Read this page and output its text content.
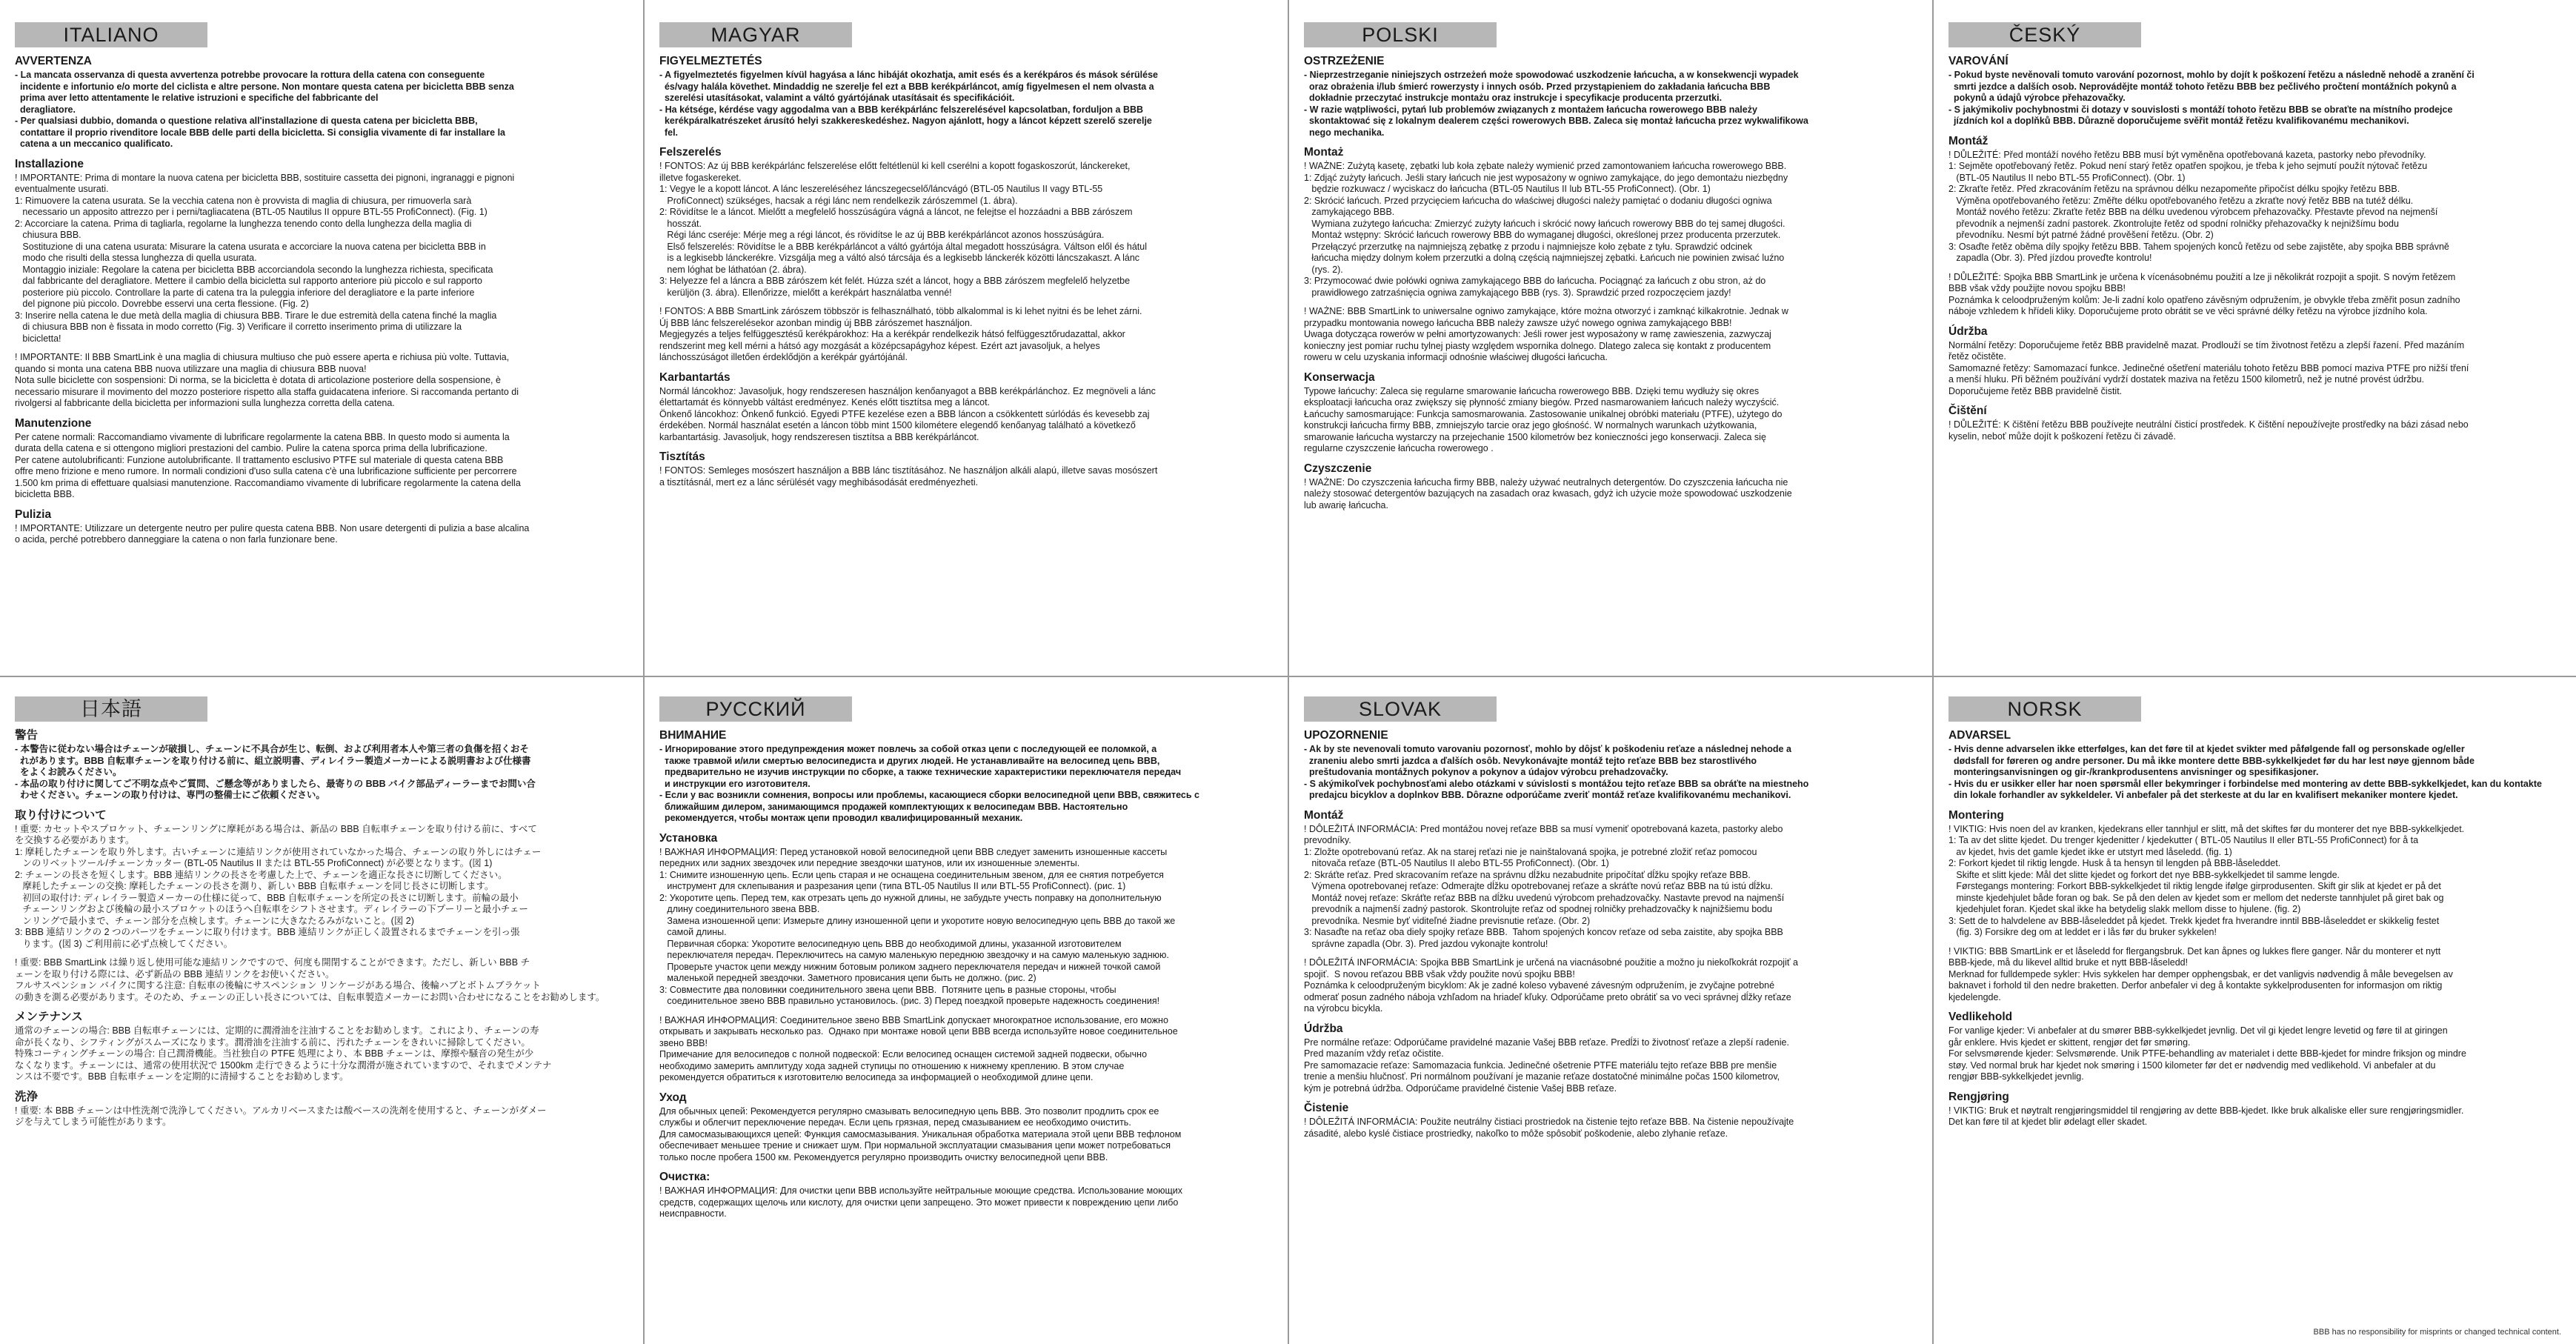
ITALIANO
AVVERTENZA
- La mancata osservanza di questa avvertenza potrebbe provocare la rottura della catena con conseguente
incidente e infortunio e/o morte del ciclista e altre persone. Non montare questa catena per bicicletta BBB senza
prima aver letto attentamente le relative istruzioni e specifiche del fabbricante del
deragliatore.
- Per qualsiasi dubbio, domanda o questione relativa all'installazione di questa catena per bicicletta BBB,
contattare il proprio rivenditore locale BBB delle parti della bicicletta. Si consiglia vivamente di far installare la
catena a un meccanico qualificato.
Installazione
! IMPORTANTE: Prima di montare la nuova catena per bicicletta BBB, sostituire cassetta dei pignoni, ingranaggi e pignoni
eventualmente usurati.
1: Rimuovere la catena usurata. Se la vecchia catena non è provvista di maglia di chiusura, per rimuoverla sarà
necessario un apposito attrezzo per i perni/tagliacatena (BTL-05 Nautilus II oppure BTL-55 ProfiConnect). (Fig. 1)
2: Accorciare la catena. Prima di tagliarla, regolarne la lunghezza tenendo conto della lunghezza della maglia di
chiusura BBB.
Sostituzione di una catena usurata: Misurare la catena usurata e accorciare la nuova catena per bicicletta BBB in
modo che risulti della stessa lunghezza di quella usurata.
Montaggio iniziale: Regolare la catena per bicicletta BBB accorciandola secondo la lunghezza richiesta, specificata
dal fabbricante del deragliatore. Mettere il cambio della bicicletta sul rapporto anteriore più piccolo e sul rapporto
posteriore più piccolo. Controllare la parte di catena tra la puleggia inferiore del deragliatore e la parte inferiore
del pignone più piccolo. Dovrebbe esservi una certa flessione. (Fig. 2)
3: Inserire nella catena le due metà della maglia di chiusura BBB. Tirare le due estremità della catena finché la maglia
di chiusura BBB non è fissata in modo corretto (Fig. 3) Verificare il corretto inserimento prima di utilizzare la
bicicletta!
! IMPORTANTE: Il BBB SmartLink è una maglia di chiusura multiuso che può essere aperta e richiusa più volte. Tuttavia,
quando si monta una catena BBB nuova utilizzare una maglia di chiusura BBB nuova!
Nota sulle biciclette con sospensioni: Di norma, se la bicicletta è dotata di articolazione posteriore della sospensione, è
necessario misurare il movimento del mozzo posteriore rispetto alla staffa guidacatena inferiore. Si raccomanda pertanto di
rivolgersi al fabbricante della bicicletta per informazioni sulla lunghezza corretta della catena.
Manutenzione
Per catene normali: Raccomandiamo vivamente di lubrificare regolarmente la catena BBB. In questo modo si aumenta la
durata della catena e si ottengono migliori prestazioni del cambio. Pulire la catena sporca prima della lubrificazione.
Per catene autolubrificanti: Funzione autolubrificante. Il trattamento esclusivo PTFE sul materiale di questa catena BBB
offre meno frizione e meno rumore. In normali condizioni d'uso sulla catena c'è una lubrificazione sufficiente per percorrere
1.500 km prima di effettuare qualsiasi manutenzione. Raccomandiamo vivamente di lubrificare regolarmente la catena della
bicicletta BBB.
Pulizia
! IMPORTANTE: Utilizzare un detergente neutro per pulire questa catena BBB. Non usare detergenti di pulizia a base alcalina
o acida, perché potrebbero danneggiare la catena o non farla funzionare bene.
MAGYAR
FIGYELMEZTETÉS
- A figyelmeztetés figyelmen kívül hagyása a lánc hibáját okozhatja, amit esés és a kerékpáros és mások sérülése
és/vagy halála követhet. Mindaddig ne szerelje fel ezt a BBB kerékpárláncot, amíg figyelmesen el nem olvasta a
szerelési utasításokat, valamint a váltó gyártójának utasításait és specifikációit.
- Ha kétsége, kérdése vagy aggodalma van a BBB kerékpárlánc felszerelésével kapcsolatban, forduljon a BBB
kerékpáralkatrészeket árusító helyi szakkereskedéshez. Nagyon ajánlott, hogy a láncot képzett szerelő szerelje
fel.
Felszerelés
! FONTOS: Az új BBB kerékpárlánc felszerelése előtt feltétlenül ki kell cserélni a kopott fogaskoszorút, lánckereket,
illetve fogaskereket.
1: Vegye le a kopott láncot. A lánc leszereléséhez láncszegecselő/láncvágó (BTL-05 Nautilus II vagy BTL-55
ProfiConnect) szükséges, hacsak a régi lánc nem rendelkezik zárószemmel (1. ábra).
2: Rövidítse le a láncot. Mielőtt a megfelelő hosszúságúra vágná a láncot, ne felejtse el hozzáadni a BBB zárószem
hosszát.
Régi lánc cseréje: Mérje meg a régi láncot, és rövidítse le az új BBB kerékpárláncot azonos hosszúságúra.
Első felszerelés: Rövidítse le a BBB kerékpárláncot a váltó gyártója által megadott hosszúságra. Váltson elől és hátul
is a legkisebb lánckerékre. Vizsgálja meg a váltó alsó tárcsája és a legkisebb lánckerék közötti láncszakaszt. A lánc
nem lóghat be láthatóan (2. ábra).
3: Helyezze fel a láncra a BBB zárószem két felét. Húzza szét a láncot, hogy a BBB zárószem megfelelő helyzetbe
kerüljön (3. ábra). Ellenőrizze, mielőtt a kerékpárt használatba venné!
! FONTOS: A BBB SmartLink zárószem többször is felhasználható, több alkalommal is ki lehet nyitni és be lehet zárni.
Új BBB lánc felszerelésekor azonban mindig új BBB zárószemet használjon.
Megjegyzés a teljes felfüggesztésű kerékpárokhoz: Ha a kerékpár rendelkezik hátsó felfüggesztőrudazattal, akkor
rendszerint meg kell mérni a hátsó agy mozgását a középcsapágyhoz képest. Ezért azt javasoljuk, a helyes
lánchosszúságot illetően érdeklődjön a kerékpár gyártójánál.
Karbantartás
Normál láncokhoz: Javasoljuk, hogy rendszeresen használjon kenőanyagot a BBB kerékpárlánchoz. Ez megnöveli a lánc
élettartamát és könnyebb váltást eredményez. Kenés előtt tisztítsa meg a láncot.
Önkenő láncokhoz: Önkenő funkció. Egyedi PTFE kezelése ezen a BBB láncon a csökkentett súrlódás és kevesebb zaj
érdekében. Normál használat esetén a láncon több mint 1500 kilométere elegendő kenőanyag található a következő
karbantartásig. Javasoljuk, hogy rendszeresen tisztítsa a BBB kerékpárláncot.
Tisztítás
! FONTOS: Semleges mosószert használjon a BBB lánc tisztításához. Ne használjon alkáli alapú, illetve savas mosószert
a tisztításnál, mert ez a lánc sérülését vagy meghibásodását eredményezheti.
POLSKI
OSTRZEŻENIE
- Nieprzestrzeganie niniejszych ostrzeżeń może spowodować uszkodzenie łańcucha, a w konsekwencji wypadek
oraz obrażenia i/lub śmierć rowerzysty i innych osób. Przed przystąpieniem do zakładania łańcucha BBB
dokładnie przeczytać instrukcje montażu oraz instrukcje i specyfikacje producenta przerzutki.
- W razie wątpliwości, pytań lub problemów związanych z montażem łańcucha rowerowego BBB należy
skontaktować się z lokalnym dealerem części rowerowych BBB. Zaleca się montaż łańcucha przez wykwalifikowa
nego mechanika.
Montaż
! WAŻNE: Zużytą kasetę, zębatki lub koła zębate należy wymienić przed zamontowaniem łańcucha rowerowego BBB.
1: Zdjąć zużyty łańcuch. Jeśli stary łańcuch nie jest wyposażony w ogniwo zamykające, do jego demontażu niezbędny
będzie rozkuwacz / wyciskacz do łańcucha (BTL-05 Nautilus II lub BTL-55 ProfiConnect). (Obr. 1)
2: Skrócić łańcuch. Przed przycięciem łańcucha do właściwej długości należy pamiętać o dodaniu długości ogniwa
zamykającego BBB.
Wymiana zużytego łańcucha: Zmierzyć zużyty łańcuch i skrócić nowy łańcuch rowerowy BBB do tej samej długości.
Montaż wstępny: Skrócić łańcuch rowerowy BBB do wymaganej długości, określonej przez producenta przerzutek.
Przełączyć przerzutkę na najmniejszą zębatkę z przodu i najmniejsze koło zębate z tyłu. Sprawdzić odcinek
łańcucha między dolnym kołem przerzutki a dolną częścią najmniejszej zębatki. Łańcuch nie powinien zwisać luźno
(rys. 2).
3: Przymocować dwie połówki ogniwa zamykającego BBB do łańcucha. Pociągnąć za łańcuch z obu stron, aż do
prawidłowego zatrzaśnięcia ogniwa zamykającego BBB (rys. 3). Sprawdzić przed rozpoczęciem jazdy!
! WAŻNE: BBB SmartLink to uniwersalne ogniwo zamykające, które można otworzyć i zamknąć kilkakrotnie. Jednak w
przypadku montowania nowego łańcucha BBB należy zawsze użyć nowego ogniwa zamykającego BBB!
Uwaga dotycząca rowerów w pełni amortyzowanych: Jeśli rower jest wyposażony w ramę zawieszenia, zazwyczaj
konieczny jest pomiar ruchu tylnej piasty względem wspornika dolnego. Dlatego zaleca się kontakt z producentem
roweru w celu uzyskania informacji odnośnie właściwej długości łańcucha.
Konserwacja
Typowe łańcuchy: Zaleca się regularne smarowanie łańcucha rowerowego BBB. Dzięki temu wydłuży się okres
eksploatacji łańcucha oraz zwiększy się płynność zmiany biegów. Przed nasmarowaniem łańcuch należy wyczyścić.
Łańcuchy samosmarujące: Funkcja samosmarowania. Zastosowanie unikalnej obróbki materiału (PTFE), użytego do
konstrukcji łańcucha firmy BBB, zmniejszyło tarcie oraz jego głośność. W normalnych warunkach użytkowania,
smarowanie łańcucha wystarczy na przejechanie 1500 kilometrów bez konieczności jego konserwacji. Zaleca się
regularne czyszczenie łańcucha rowerowego .
Czyszczenie
! WAŻNE: Do czyszczenia łańcucha firmy BBB, należy używać neutralnych detergentów. Do czyszczenia łańcucha nie
należy stosować detergentów bazujących na zasadach oraz kwasach, gdyż ich użycie może spowodować uszkodzenie
lub awarię łańcucha.
ČESKÝ
VAROVÁNÍ
- Pokud byste nevěnovali tomuto varování pozornost, mohlo by dojít k poškození řetězu a následně nehodě a zranění či
smrti jezdce a dalších osob. Neprovádějte montáž tohoto řetězu BBB bez pečlivého pročtení montážních pokynů a
pokynů a údajů výrobce přehazovačky.
- S jakýmikoliv pochybnostmi či dotazy v souvislosti s montáží tohoto řetězu BBB se obraťte na místního prodejce
jízdních kol a doplňků BBB. Důrazně doporučujeme svěřit montáž řetězu kvalifikovanému mechanikovi.
Montáž
! DŮLEŽITÉ: Před montáží nového řetězu BBB musí být vyměněna opotřebovaná kazeta, pastorky nebo převodníky.
1: Sejměte opotřebovaný řetěz. Pokud není starý řetěz opatřen spojkou, je třeba k jeho sejmutí použít nýtovač řetězu
(BTL-05 Nautilus II nebo BTL-55 ProfiConnect). (Obr. 1)
2: Zkraťte řetěz. Před zkracováním řetězu na správnou délku nezapomeňte připočíst délku spojky řetězu BBB.
Výměna opotřebovaného řetězu: Změřte délku opotřebovaného řetězu a zkraťte nový řetěz BBB na tutéž délku.
Montáž nového řetězu: Zkraťte řetěz BBB na délku uvedenou výrobcem přehazovačky. Přestavte převod na nejmenší
převodník a nejmenší zadní pastorek. Zkontrolujte řetěz od spodní rolničky přehazovačky k nejnižšímu bodu
převodníku. Nesmí být patrné žádné prověšení řetězu. (Obr. 2)
3: Osaďte řetěz oběma díly spojky řetězu BBB. Tahem spojených konců řetězu od sebe zajistěte, aby spojka BBB správně
zapadla (Obr. 3). Před jízdou proveďte kontrolu!
! DŮLEŽITÉ: Spojka BBB SmartLink je určena k vícenásobnému použití a lze ji několikrát rozpojit a spojit. S novým řetězem
BBB však vždy použijte novou spojku BBB!
Poznámka k celoodpruženým kolům: Je-li zadní kolo opatřeno závěsným odpružením, je obvykle třeba změřit posun zadního
náboje vzhledem k hřídeli kliky. Doporučujeme proto obrátit se ve věci správné délky řetězu na výrobce jízdního kola.
Údržba
Normální řetězy: Doporučujeme řetěz BBB pravidelně mazat. Prodlouží se tím životnost řetězu a zlepší řazení. Před mazáním
řetěz očistěte.
Samomazné řetězy: Samomazací funkce. Jedinečné ošetření materiálu tohoto řetězu BBB pomocí maziva PTFE pro nižší tření
a menší hluku. Při běžném používání vydrží dostatek maziva na řetězu 1500 kilometrů, než je nutné provést údržbu.
Doporučujeme řetěz BBB pravidelně čistit.
Čištění
! DŮLEŽITÉ: K čištění řetězu BBB používejte neutrální čisticí prostředek. K čištění nepoužívejte prostředky na bázi zásad nebo
kyselin, neboť může dojít k poškození řetězu či závadě.
日本語
警告
- 本警告に従わない場合はチェーンが破損し、チェーンに不具合が生じ、転倒、および利用者本人や第三者の負傷を招くおそ
れがあります。BBB 自転車チェーンを取り付ける前に、組立説明書、ディレイラー製造メーカーによる説明書および仕様書
をよくお読みください。
- 本品の取り付けに関してご不明な点やご質問、ご懸念等がありましたら、最寄りの BBB バイク部品ディーラーまでお問い合
わせください。チェーンの取り付けは、専門の整備士にご依頼ください。
取り付けについて
! 重要: カセットやスプロケット、チェーンリングに摩耗がある場合は、新品の BBB 自転車チェーンを取り付ける前に、すべて
を交換する必要があります。
1: 摩耗したチェーンを取り外します。古いチェーンに連結リンクが使用されていなかった場合、チェーンの取り外しにはチェー
ンのリベットツール/チェーンカッター (BTL-05 Nautilus II または BTL-55 ProfiConnect) が必要となります。(図 1)
2: チェーンの長さを短くします。BBB 連結リンクの長さを考慮した上で、チェーンを適正な長さに切断してください。
摩耗したチェーンの交換: 摩耗したチェーンの長さを測り、新しい BBB 自転車チェーンを同じ長さに切断します。
初回の取付け: ディレイラー製造メーカーの仕様に従って、BBB 自転車チェーンを所定の長さに切断します。前輪の最小
チェーンリングおよび後輪の最小スプロケットのほうへ自転車をシフトさせます。ディレイラーの下プーリーと最小チェー
ンリングで最小まで、チェーン部分を点検します。チェーンに大きなたるみがないこと。(図 2)
3: BBB 連結リンクの 2 つのパーツをチェーンに取り付けます。BBB 連結リンクが正しく設置されるまでチェーンを引っ張
ります。(図 3) ご利用前に必ず点検してください。
! 重要: BBB SmartLink は繰り返し使用可能な連結リンクですので、何度も開閉することができます。ただし、新しい BBB チ
ェーンを取り付ける際には、必ず新品の BBB 連結リンクをお使いください。
フルサスペンション バイクに関する注意: 自転車の後輪にサスペンション リンケージがある場合、後輪ハブとボトムブラケット
の動きを測る必要があります。そのため、チェーンの正しい長さについては、自転車製造メーカーにお問い合わせになることをお勧めします。
メンテナンス
通常のチェーンの場合: BBB 自転車チェーンには、定期的に潤滑油を注油することをお勧めします。これにより、チェーンの寿
命が長くなり、シフティングがスムーズになります。潤滑油を注油する前に、汚れたチェーンをきれいに掃除してください。
特殊コーティングチェーンの場合: 自己潤滑機能。当社独自の PTFE 処理により、本 BBB チェーンは、摩擦や騒音の発生が少
なくなります。チェーンには、通常の使用状況で 1500km 走行できるように十分な潤滑が施されていますので、それまでメンテナ
ンスは不要です。BBB 自転車チェーンを定期的に清掃することをお勧めします。
洗浄
! 重要: 本 BBB チェーンは中性洗剤で洗浄してください。アルカリベースまたは酸ベースの洗剤を使用すると、チェーンがダメー
ジを与えてしまう可能性があります。
РУССКИЙ
ВНИМАНИЕ
- Игнорирование этого предупреждения может повлечь за собой отказ цепи с последующей ее поломкой, а
также травмой и/или смертью велосипедиста и других людей. Не устанавливайте на велосипед цепь BBB,
предварительно не изучив инструкции по сборке, а также технические характеристики переключателя передач
и инструкции его изготовителя.
- Если у вас возникли сомнения, вопросы или проблемы, касающиеся сборки велосипедной цепи BBB, свяжитесь с
ближайшим дилером, занимающимся продажей комплектующих к велосипедам BBB. Настоятельно
рекомендуется, чтобы монтаж цепи проводил квалифицированный механик.
Установка
! ВАЖНАЯ ИНФОРМАЦИЯ: Перед установкой новой велосипедной цепи BBB следует заменить изношенные кассеты
передних или задних звездочек или передние звездочки шатунов, или их изношенные элементы.
1: Снимите изношенную цепь. Если цепь старая и не оснащена соединительным звеном, для ее снятия потребуется
инструмент для склепывания и разрезания цепи (типа BTL-05 Nautilus II или BTL-55 ProfiConnect). (рис. 1)
2: Укоротите цепь. Перед тем, как отрезать цепь до нужной длины, не забудьте учесть поправку на дополнительную
длину соединительного звена BBB.
Замена изношенной цепи: Измерьте длину изношенной цепи и укоротите новую велосипедную цепь BBB до такой же
самой длины.
Первичная сборка: Укоротите велосипедную цепь BBB до необходимой длины, указанной изготовителем
переключателя передач. Переключитесь на самую маленькую переднюю звездочку и на самую маленькую заднюю.
Проверьте участок цепи между нижним ботовым роликом заднего переключателя передач и нижней точкой самой
маленькой передней звездочки. Заметного провисания цепи быть не должно. (рис. 2)
3: Совместите два половинки соединительного звена цепи BBB.  Потяните цепь в разные стороны, чтобы
соединительное звено BBB правильно установилось. (рис. 3) Перед поездкой проверьте надежность соединения!
! ВАЖНАЯ ИНФОРМАЦИЯ: Соединительное звено BBB SmartLink допускает многократное использование, его можно
открывать и закрывать несколько раз.  Однако при монтаже новой цепи BBB всегда используйте новое соединительное
звено BBB!
Примечание для велосипедов с полной подвеской: Если велосипед оснащен системой задней подвески, обычно
необходимо замерить амплитуду хода задней ступицы по отношению к нижнему креплению. В этом случае
рекомендуется обратиться к изготовителю велосипеда за информацией о необходимой длине цепи.
Уход
Для обычных цепей: Рекомендуется регулярно смазывать велосипедную цепь BBB. Это позволит продлить срок ее
службы и облегчит переключение передач. Если цепь грязная, перед смазыванием ее необходимо очистить.
Для самосмазывающихся цепей: Функция самосмазывания. Уникальная обработка материала этой цепи BBB тефлоном
обеспечивает меньшее трение и снижает шум. При нормальной эксплуатации смазывания цепи может потребоваться
только после пробега 1500 км. Рекомендуется регулярно производить очистку велосипедной цепи BBB.
Очистка:
! ВАЖНАЯ ИНФОРМАЦИЯ: Для очистки цепи BBB используйте нейтральные моющие средства. Использование моющих
средств, содержащих щелочь или кислоту, для очистки цепи запрещено. Это может привести к повреждению цепи либо
неисправности.
SLOVAK
UPOZORNENIE
- Ak by ste nevenovali tomuto varovaniu pozornosť, mohlo by dôjsť k poškodeniu reťaze a následnej nehode a
zraneniu alebo smrti jazdca a ďalších osôb. Nevykonávajte montáž tejto reťaze BBB bez starostlivého
preštudovania montážnych pokynov a pokynov a údajov výrobcu prehadzovačky.
- S akýmikoľvek pochybnosťami alebo otázkami v súvislosti s montážou tejto reťaze BBB sa obráťte na miestneho
predajcu bicyklov a doplnkov BBB. Dôrazne odporúčame zveriť montáž reťaze kvalifikovanému mechanikovi.
Montáž
! DÔLEŽITÁ INFORMÁCIA: Pred montážou novej reťaze BBB sa musí vymeniť opotrebovaná kazeta, pastorky alebo
prevodníky.
1: Zložte opotrebovanú reťaz. Ak na starej reťazi nie je nainštalovaná spojka, je potrebné zložiť reťaz pomocou
nitovača reťaze (BTL-05 Nautilus II alebo BTL-55 ProfiConnect). (Obr. 1)
2: Skráťte reťaz. Pred skracovaním reťaze na správnu dĺžku nezabudnite pripočítať dĺžku spojky reťaze BBB.
Výmena opotrebovanej reťaze: Odmerajte dĺžku opotrebovanej reťaze a skráťte novú reťaz BBB na tú istú dĺžku.
Montáž novej reťaze: Skráťte reťaz BBB na dĺžku uvedenú výrobcom prehadzovačky. Nastavte prevod na najmenší
prevodník a najmenší zadný pastorok. Skontrolujte reťaz od spodnej rolničky prehadzovačky k najnižšiemu bodu
prevodníka. Nesmie byť viditeľné žiadne previsnutie reťaze. (Obr. 2)
3: Nasaďte na reťaz oba diely spojky reťaze BBB.  Tahom spojených koncov reťaze od seba zaistite, aby spojka BBB
správne zapadla (Obr. 3). Pred jazdou vykonajte kontrolu!
! DÔLEŽITÁ INFORMÁCIA: Spojka BBB SmartLink je určená na viacnásobné použitie a možno ju niekoľkokrát rozpojiť a
spojiť.  S novou reťazou BBB však vždy použite novú spojku BBB!
Poznámka k celoodpruženým bicyklom: Ak je zadné koleso vybavené závesným odpružením, je zvyčajne potrebné
odmerať posun zadného náboja vzhľadom na hriadeľ kľuky. Odporúčame preto obrátiť sa vo veci správnej dĺžky reťaze
na výrobcu bicykla.
Údržba
Pre normálne reťaze: Odporúčame pravidelné mazanie Vašej BBB reťaze. Predĺži to životnosť reťaze a zlepší radenie.
Pred mazaním vždy reťaz očistite.
Pre samomazacie reťaze: Samomazacia funkcia. Jedinečné ošetrenie PTFE materiálu tejto reťaze BBB pre menšie
trenie a menšiu hlučnosť. Pri normálnom používaní je mazanie reťaze dostatočné minimálne počas 1500 kilometrov,
kým je potrebná údržba. Odporúčame pravidelné čistenie Vašej BBB reťaze.
Čistenie
! DÔLEŽITÁ INFORMÁCIA: Použite neutrálny čistiaci prostriedok na čistenie tejto reťaze BBB. Na čistenie nepoužívajte
zásadité, alebo kyslé čistiace prostriedky, nakoľko to môže spôsobiť poškodenie, alebo zlyhanie reťaze.
NORSK
ADVARSEL
- Hvis denne advarselen ikke etterfølges, kan det føre til at kjedet svikter med påfølgende fall og personskade og/eller
dødsfall for føreren og andre personer. Du må ikke montere dette BBB-sykkelkjedet før du har lest nøye gjennom både
monteringsanvisningen og gir-/krankprodusentens anvisninger og spesifikasjoner.
- Hvis du er usikker eller har noen spørsmål eller bekymringer i forbindelse med montering av dette BBB-sykkelkjedet, kan du kontakte
din lokale forhandler av sykkeldeler. Vi anbefaler på det sterkeste at du lar en kvalifisert mekaniker montere kjedet.
Montering
! VIKTIG: Hvis noen del av kranken, kjedekrans eller tannhjul er slitt, må det skiftes før du monterer det nye BBB-sykkelkjedet.
1: Ta av det slitte kjedet. Du trenger kjedenitter / kjedekutter ( BTL-05 Nautilus II eller BTL-55 ProfiConnect) for å ta
av kjedet, hvis det gamle kjedet ikke er utstyrt med låseledd. (fig. 1)
2: Forkort kjedet til riktig lengde. Husk å ta hensyn til lengden på BBB-låseleddet.
Skifte et slitt kjede: Mål det slitte kjedet og forkort det nye BBB-sykkelkjedet til samme lengde.
Førstegangs montering: Forkort BBB-sykkelkjedet til riktig lengde ifølge girprodusenten. Skift gir slik at kjedet er på det
minste kjedehjulet både foran og bak. Se på den delen av kjedet som er mellom det nederste tannhjulet på giret bak og
kjedehjulet foran. Kjedet skal ikke ha betydelig slakk mellom disse to hjulene. (fig. 2)
3: Sett de to halvdelene av BBB-låseleddet på kjedet. Trekk kjedet fra hverandre inntil BBB-låseleddet er skikkelig festet
(fig. 3) Forsikre deg om at leddet er i lås før du bruker sykkelen!
! VIKTIG: BBB SmartLink er et låseledd for flergangsbruk. Det kan åpnes og lukkes flere ganger. Når du monterer et nytt
BBB-kjede, må du likevel alltid bruke et nytt BBB-låseledd!
Merknad for fulldempede sykler: Hvis sykkelen har demper opphengsbak, er det vanligvis nødvendig å måle bevegelsen av
baknavet i forhold til den nedre braketten. Derfor anbefaler vi deg å kontakte sykkelprodusenten for informasjon om riktig
kjedelengde.
Vedlikehold
For vanlige kjeder: Vi anbefaler at du smører BBB-sykkelkjedet jevnlig. Det vil gi kjedet lengre levetid og føre til at giringen
går enklere. Hvis kjedet er skittent, rengjør det før smøring.
For selvsmørende kjeder: Selvsmørende. Unik PTFE-behandling av materialet i dette BBB-kjedet for mindre friksjon og mindre
støy. Ved normal bruk har kjedet nok smøring i 1500 kilometer før det er nødvendig med vedlikehold. Vi anbefaler at du
rengjør BBB-sykkelkjedet jevnlig.
Rengjøring
! VIKTIG: Bruk et nøytralt rengjøringsmiddel til rengjøring av dette BBB-kjedet. Ikke bruk alkaliske eller sure rengjøringsmidler.
Det kan føre til at kjedet blir ødelagt eller skadet.
BBB has no responsibility for misprints or changed technical content.
